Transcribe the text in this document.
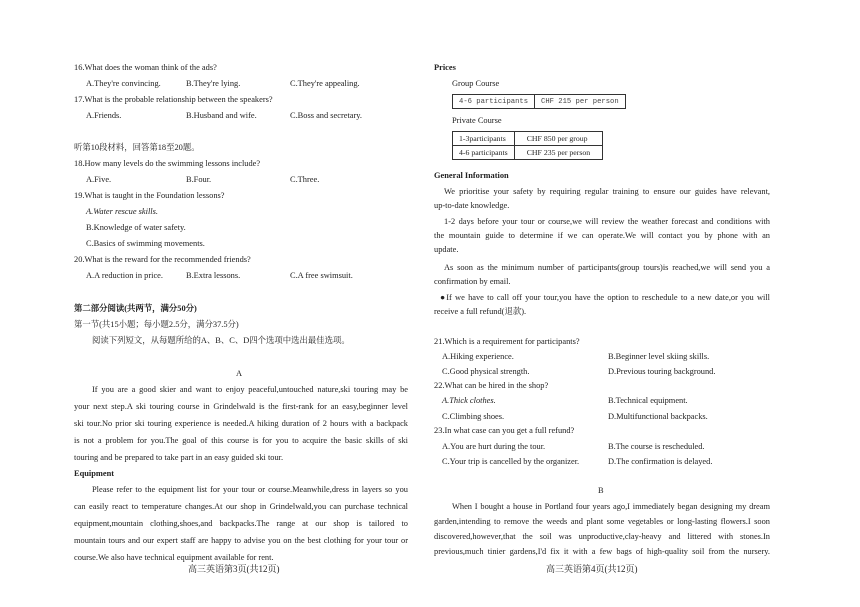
16.What does the woman think of the ads?
A.They're convincing.	B.They're lying.	C.They're appealing.
17.What is the probable relationship between the speakers?
A.Friends.	B.Husband and wife.	C.Boss and secretary.
听第10段材料，回答第18至20题。
18.How many levels do the swimming lessons include?
A.Five.	B.Four.	C.Three.
19.What is taught in the Foundation lessons?
A.Water rescue skills.
B.Knowledge of water safety.
C.Basics of swimming movements.
20.What is the reward for the recommended friends?
A.A reduction in price.	B.Extra lessons.	C.A free swimsuit.
第二部分阅读(共两节，满分50分)
第一节(共15小题；每小题2.5分，满分37.5分)
阅读下列短文，从每题所给的A、B、C、D四个选项中选出最佳选项。
A
If you are a good skier and want to enjoy peaceful,untouched nature,ski touring may be
your next step.A ski touring course in Grindelwald is the first-rank for an easy,beginner level
ski tour.No prior ski touring experience is needed.A hiking duration of 2 hours with a backpack
is not a problem for you.The goal of this course is for you to acquire the basic skills of ski
touring and be prepared to take part in an easy guided ski tour.
Equipment
Please refer to the equipment list for your tour or course.Meanwhile,dress in layers so you
can easily react to temperature changes.At our shop in Grindelwald,you can purchase technical
equipment,mountain clothing,shoes,and backpacks.The range at our shop is tailored to
mountain tours and our expert staff are happy to advise you on the best clothing for your tour or
course.We also have technical equipment available for rent.
高三英语第3页(共12页)
Prices
Group Course
4-6 participants	CHF 215 per person
Private Course
1-3participants	CHF 850 per group
4-6 participants	CHF 235 per person
General Information
We prioritise your safety by requiring regular training to ensure our guides have relevant,
up-to-date knowledge.
1-2 days before your tour or course,we will review the weather forecast and conditions with
the mountain guide to determine if we can operate.We will contact you by phone with an
update.
As soon as the minimum number of participants(group tours)is reached,we will send you a
confirmation by email.
●If we have to call off your tour,you have the option to reschedule to a new date,or you will
receive a full refund(退款).
21.Which is a requirement for participants?
A.Hiking experience.	B.Beginner level skiing skills.
C.Good physical strength.	D.Previous touring background.
22.What can be hired in the shop?
A.Thick clothes.	B.Technical equipment.
C.Climbing shoes.	D.Multifunctional backpacks.
23.In what case can you get a full refund?
A.You are hurt during the tour.	B.The course is rescheduled.
C.Your trip is cancelled by the organizer.	D.The confirmation is delayed.
B
When I bought a house in Portland four years ago,I immediately began designing my dream
garden,intending to remove the weeds and plant some vegetables or long-lasting flowers.I soon
discovered,however,that the soil was unproductive,clay-heavy and littered with stones.In
previous,much tinier gardens,I'd fix it with a few bags of high-quality soil from the nursery.
高三英语第4页(共12页)
